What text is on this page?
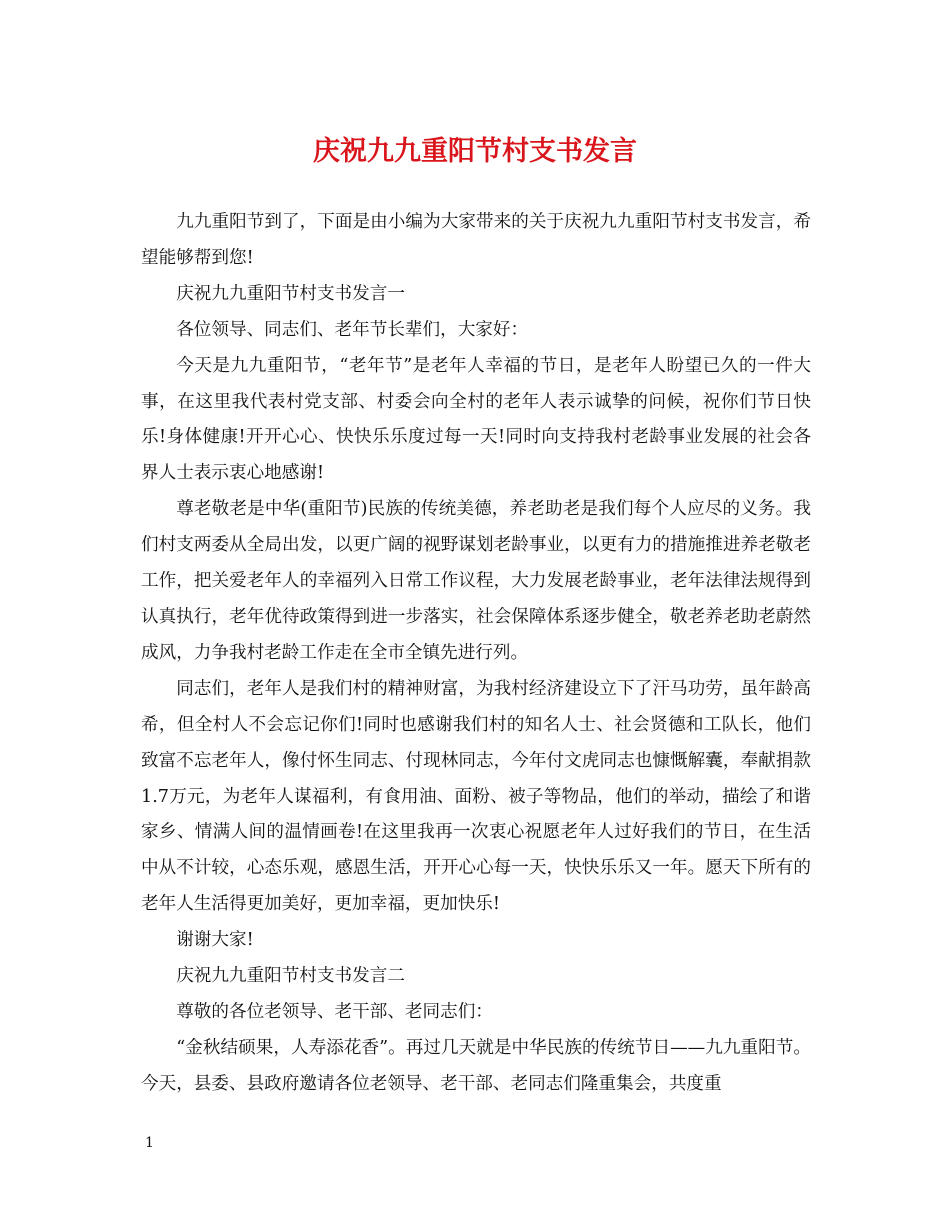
庆祝九九重阳节村支书发言

九九重阳节到了，下面是由小编为大家带来的关于庆祝九九重阳节村支书发言，希望能够帮到您!

庆祝九九重阳节村支书发言一

各位领导、同志们、老年节长辈们，大家好：

今天是九九重阳节，“老年节”是老年人幸福的节日，是老年人盼望已久的一件大事，在这里我代表村党支部、村委会向全村的老年人表示诚挚的问候，祝你们节日快乐!身体健康!开开心心、快快乐乐度过每一天!同时向支持我村老龄事业发展的社会各界人士表示衷心地感谢!

尊老敬老是中华(重阳节)民族的传统美德，养老助老是我们每个人应尽的义务。我们村支两委从全局出发，以更广阔的视野谋划老龄事业，以更有力的措施推进养老敬老工作，把关爱老年人的幸福列入日常工作议程，大力发展老龄事业，老年法律法规得到认真执行，老年优待政策得到进一步落实，社会保障体系逐步健全，敬老养老助老蔚然成风，力争我村老龄工作走在全市全镇先进行列。

同志们，老年人是我们村的精神财富，为我村经济建设立下了汗马功劳，虽年龄高希，但全村人不会忘记你们!同时也感谢我们村的知名人士、社会贤德和工队长，他们致富不忘老年人，像付怀生同志、付现林同志，今年付文虎同志也慷慨解囊，奉献捐款1.7万元，为老年人谋福利，有食用油、面粉、被子等物品，他们的举动，描绘了和谐家乡、情满人间的温情画卷!在这里我再一次衷心祝愿老年人过好我们的节日，在生活中从不计较，心态乐观，感恩生活，开开心心每一天，快快乐乐又一年。愿天下所有的老年人生活得更加美好，更加幸福，更加快乐!

谢谢大家!

庆祝九九重阳节村支书发言二

尊敬的各位老领导、老干部、老同志们：

“金秋结硕果，人寿添花香”。再过几天就是中华民族的传统节日——九九重阳节。今天，县委、县政府邀请各位老领导、老干部、老同志们隆重集会，共度重

1
